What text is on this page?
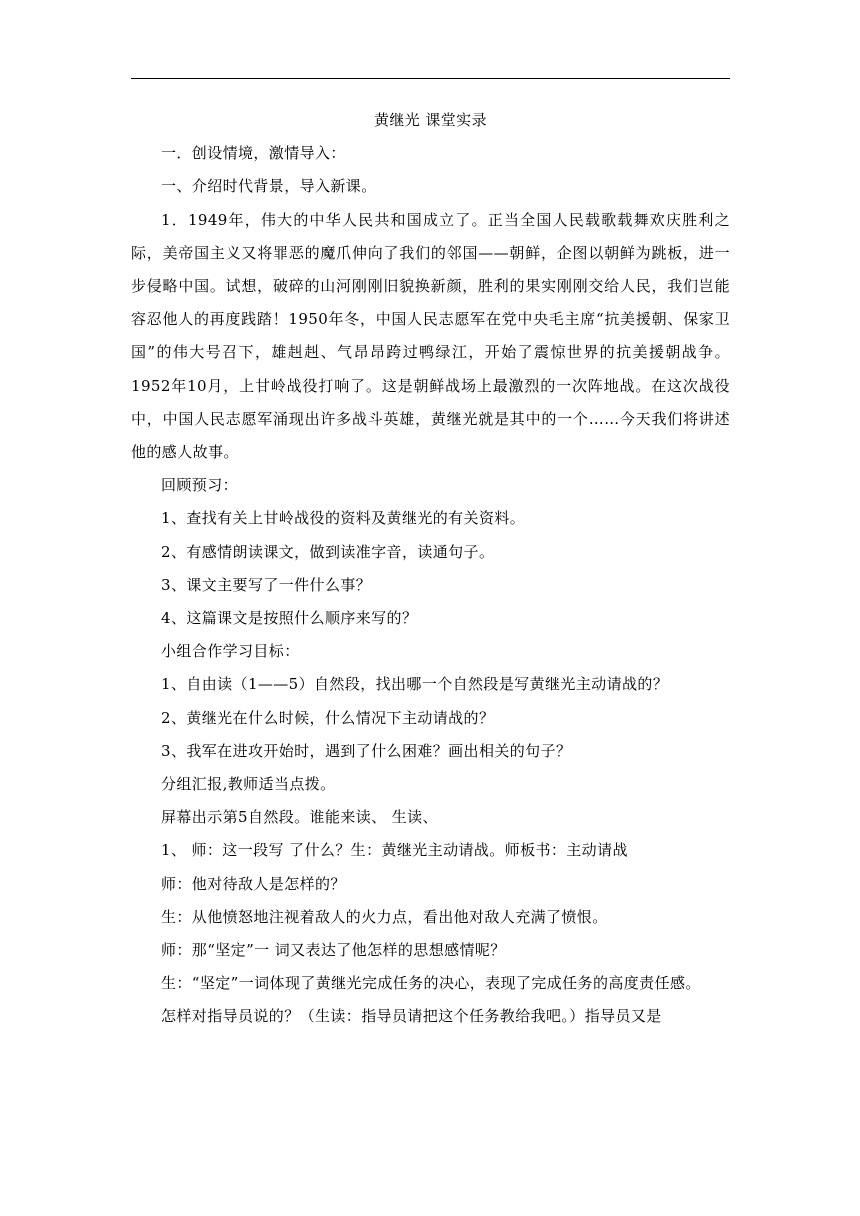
黄继光 课堂实录

一．创设情境，激情导入：

一、介绍时代背景，导入新课。

1．1949年，伟大的中华人民共和国成立了。正当全国人民载歌载舞欢庆胜利之际，美帝国主义又将罪恶的魔爪伸向了我们的邻国——朝鲜，企图以朝鲜为跳板，进一步侵略中国。试想，破碎的山河刚刚旧貌换新颜，胜利的果实刚刚交给人民，我们岂能容忍他人的再度践踏！1950年冬，中国人民志愿军在党中央毛主席“抗美援朝、保家卫国”的伟大号召下，雄赳赳、气昂昂跨过鸭绿江，开始了震惊世界的抗美援朝战争。1952年10月，上甘岭战役打响了。这是朝鲜战场上最激烈的一次阵地战。在这次战役中，中国人民志愿军涌现出许多战斗英雄，黄继光就是其中的一个……今天我们将讲述他的感人故事。

回顾预习：

1、查找有关上甘岭战役的资料及黄继光的有关资料。

2、有感情朗读课文，做到读准字音，读通句子。

3、课文主要写了一件什么事？

4、这篇课文是按照什么顺序来写的？

小组合作学习目标：

1、自由读（1——5）自然段，找出哪一个自然段是写黄继光主动请战的？

2、黄继光在什么时候，什么情况下主动请战的？

3、我军在进攻开始时，遇到了什么困难？画出相关的句子？

分组汇报,教师适当点拨。

屏幕出示第5自然段。谁能来读、 生读、

1、 师：这一段写 了什么？生：黄继光主动请战。师板书：主动请战

师：他对待敌人是怎样的？

生：从他愤怒地注视着敌人的火力点，看出他对敌人充满了愤恨。

师：那“坚定”一 词又表达了他怎样的思想感情呢？

生：“坚定”一词体现了黄继光完成任务的决心，表现了完成任务的高度责任感。

怎样对指导员说的？（生读：指导员请把这个任务教给我吧。）指导员又是
